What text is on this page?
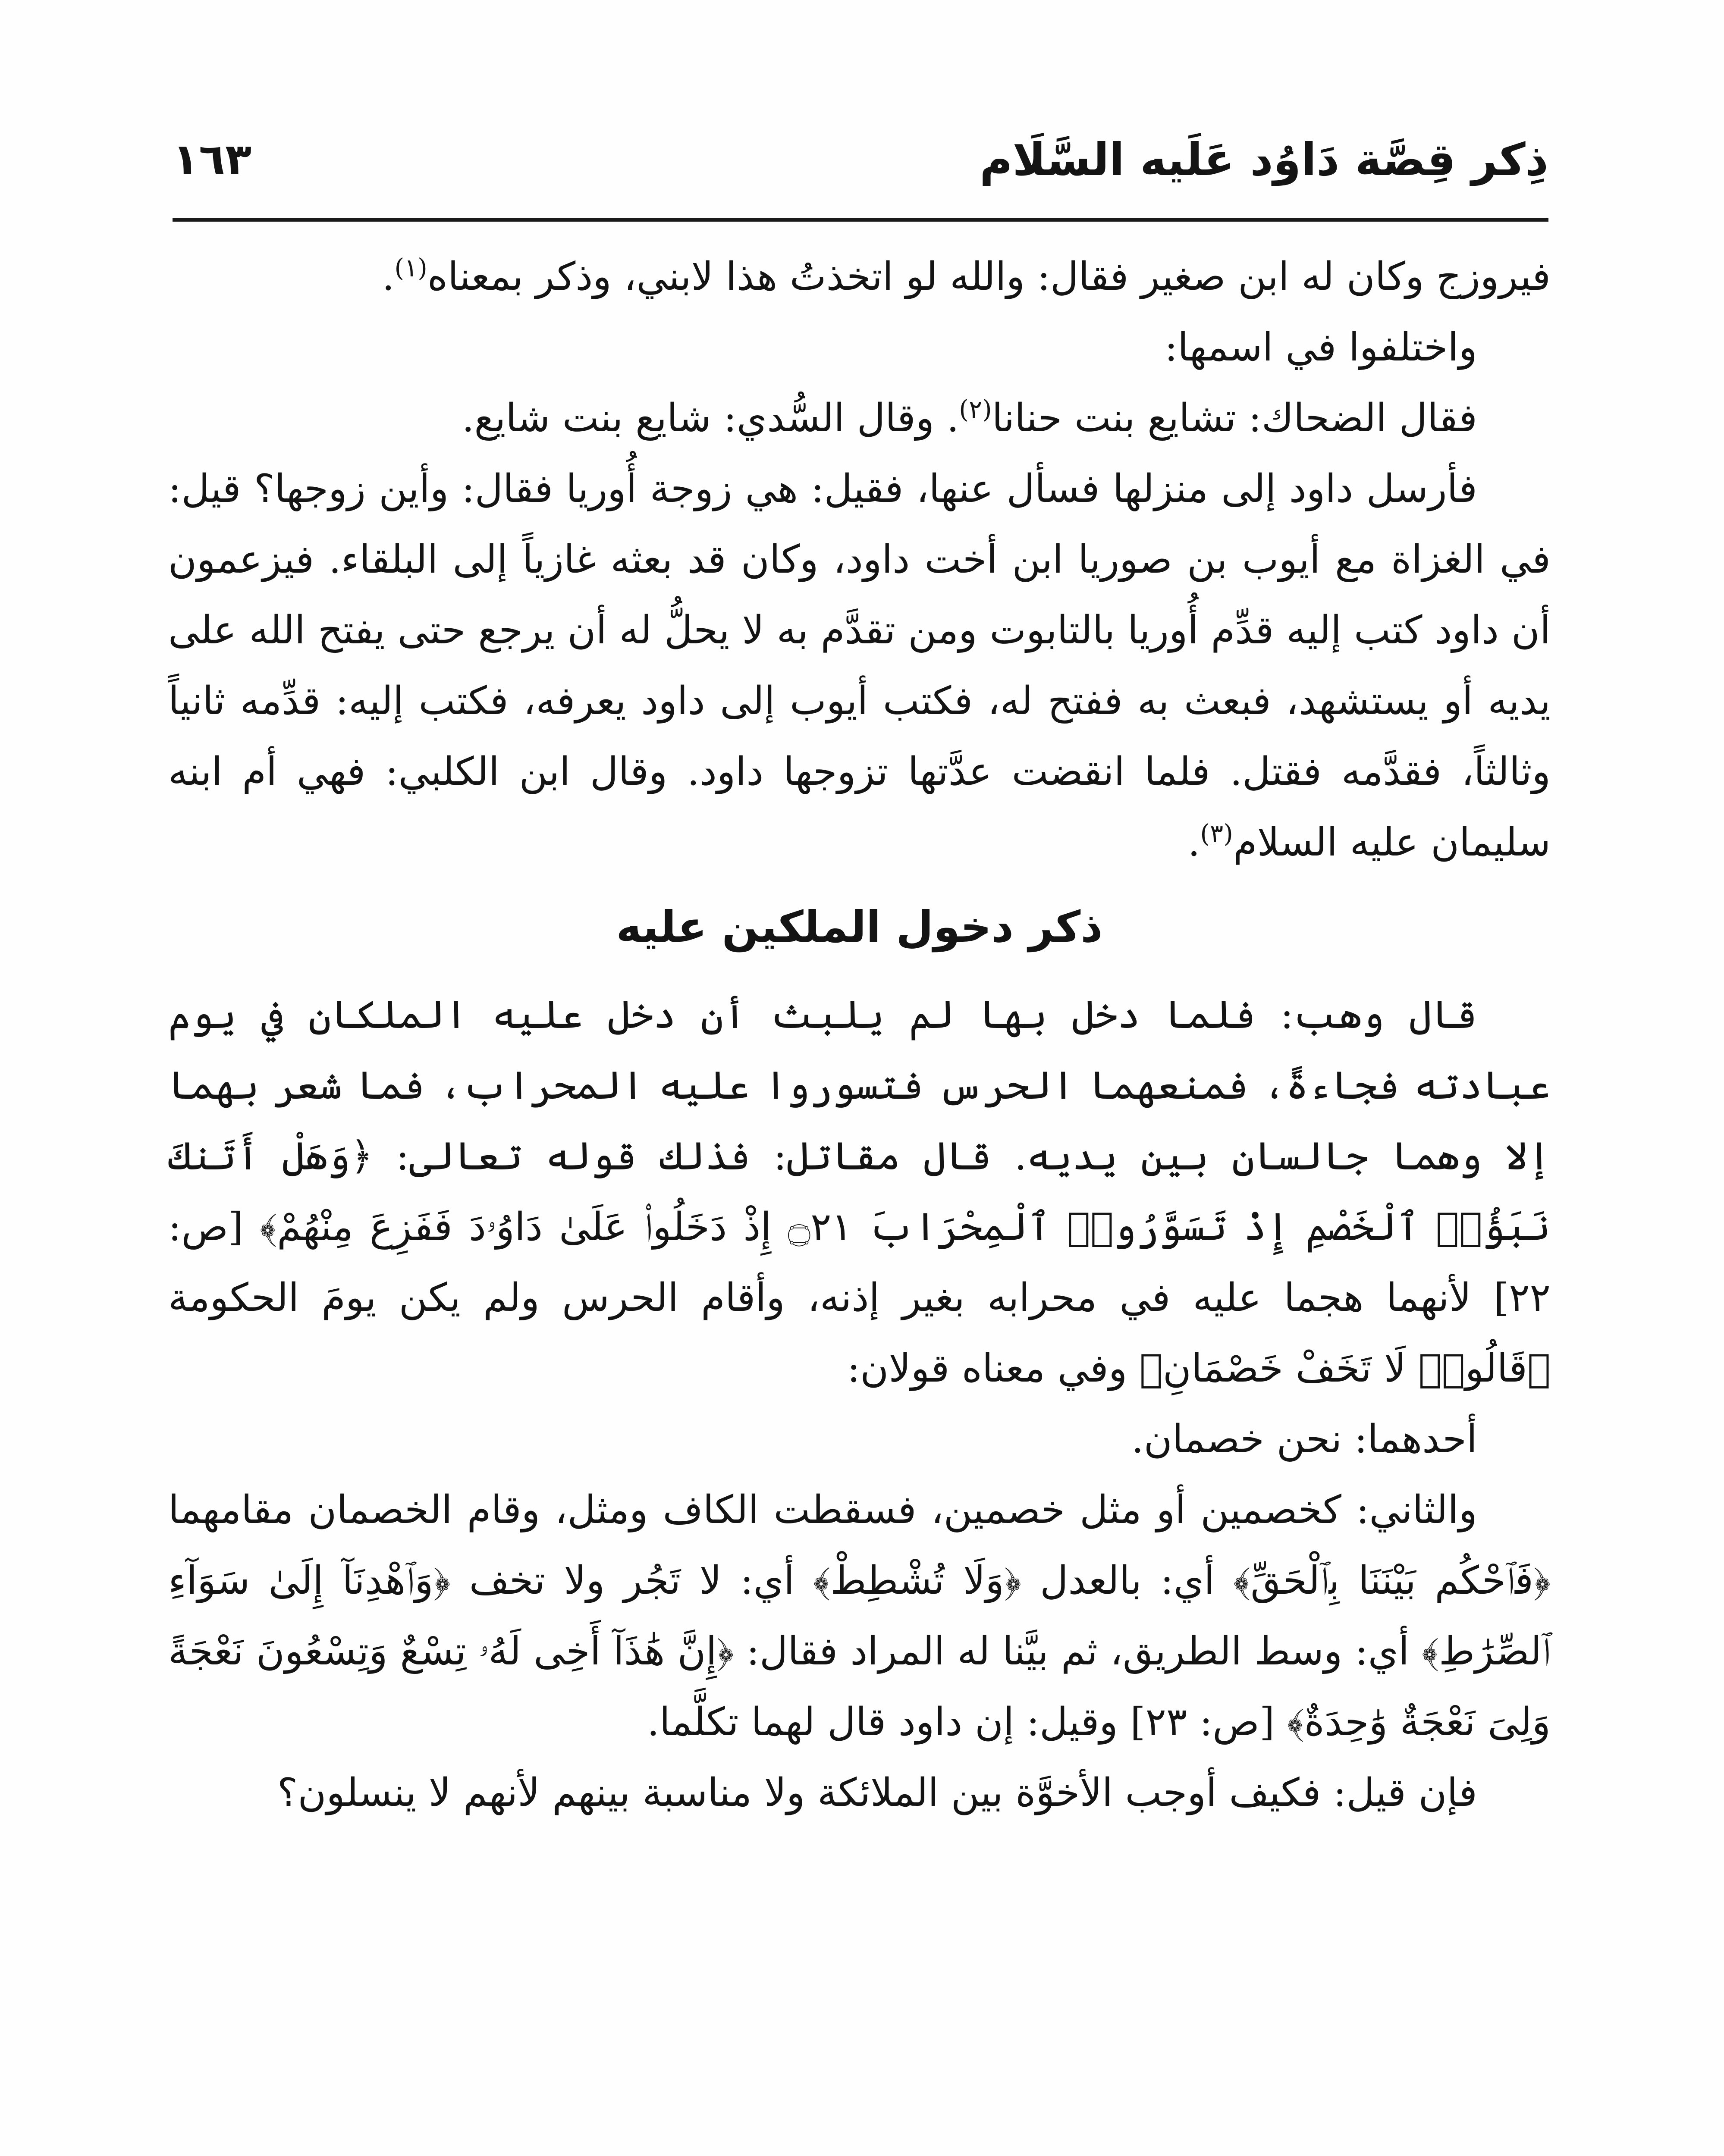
ذِكر قِصَّة دَاوُد عَلَيه السَّلَام
١٦٣

فيروزج وكان له ابن صغير فقال: والله لو اتخذتُ هذا لابني، وذكر بمعناه$^{(١)}$.

واختلفوا في اسمها:

فقال الضحاك: تشايع بنت حنانا$^{(٢)}$. وقال السُّدي: شايع بنت شايع.

فأرسل داود إلى منزلها فسأل عنها، فقيل: هي زوجة أُوريا فقال: وأين زوجها؟ قيل: في الغزاة مع أيوب بن صوريا ابن أخت داود، وكان قد بعثه غازياً إلى البلقاء. فيزعمون أن داود كتب إليه قدِّم أُوريا بالتابوت ومن تقدَّم به لا يحلُّ له أن يرجع حتى يفتح الله على يديه أو يستشهد، فبعث به ففتح له، فكتب أيوب إلى داود يعرفه، فكتب إليه: قدِّمه ثانياً وثالثاً، فقدَّمه فقتل. فلما انقضت عدَّتها تزوجها داود. وقال ابن الكلبي: فهي أم ابنه سليمان عليه السلام$^{(٣)}$.

ذكر دخول الملكين عليه

قال وهب: فلما دخل بها لم يلبث أن دخل عليه الملكان في يوم عبادته فجاءةً، فمنعهما الحرس فتسوروا عليه المحراب، فما شعر بهما إلا وهما جالسان بين يديه. قال مقاتل: فذلك قوله تعالى: ﴿وَهَلْ أَتَنكَ نَبَؤُا۟ ٱلْخَصْمِ إِذْ تَسَوَّرُوا۟ ٱلْمِحْرَابَ ۝٢١ إِذْ دَخَلُوا۟ عَلَىٰ دَاوُۥدَ فَفَزِعَ مِنْهُمْ﴾ [ص: ٢٢] لأنهما هجما عليه في محرابه بغير إذنه، وأقام الحرس ولم يكن يومَ الحكومة ﴿قَالُوا۟ لَا تَخَفْ خَصْمَانِ﴾ وفي معناه قولان:

أحدهما: نحن خصمان.

والثاني: كخصمين أو مثل خصمين، فسقطت الكاف ومثل، وقام الخصمان مقامهما ﴿فَٱحْكُم بَيْنَنَا بِٱلْحَقِّ﴾ أي: بالعدل ﴿وَلَا تُشْطِطْ﴾ أي: لا تَجُر ولا تخف ﴿وَٱهْدِنَآ إِلَىٰ سَوَآءِ ٱلصِّرَٰطِ﴾ أي: وسط الطريق، ثم بيَّنا له المراد فقال: ﴿إِنَّ هَٰذَآ أَخِى لَهُۥ تِسْعٌ وَتِسْعُونَ نَعْجَةً وَلِىَ نَعْجَةٌ وَٰحِدَةٌ﴾ [ص: ٢٣] وقيل: إن داود قال لهما تكلَّما.

فإن قيل: فكيف أوجب الأخوَّة بين الملائكة ولا مناسبة بينهم لأنهم لا ينسلون؟
